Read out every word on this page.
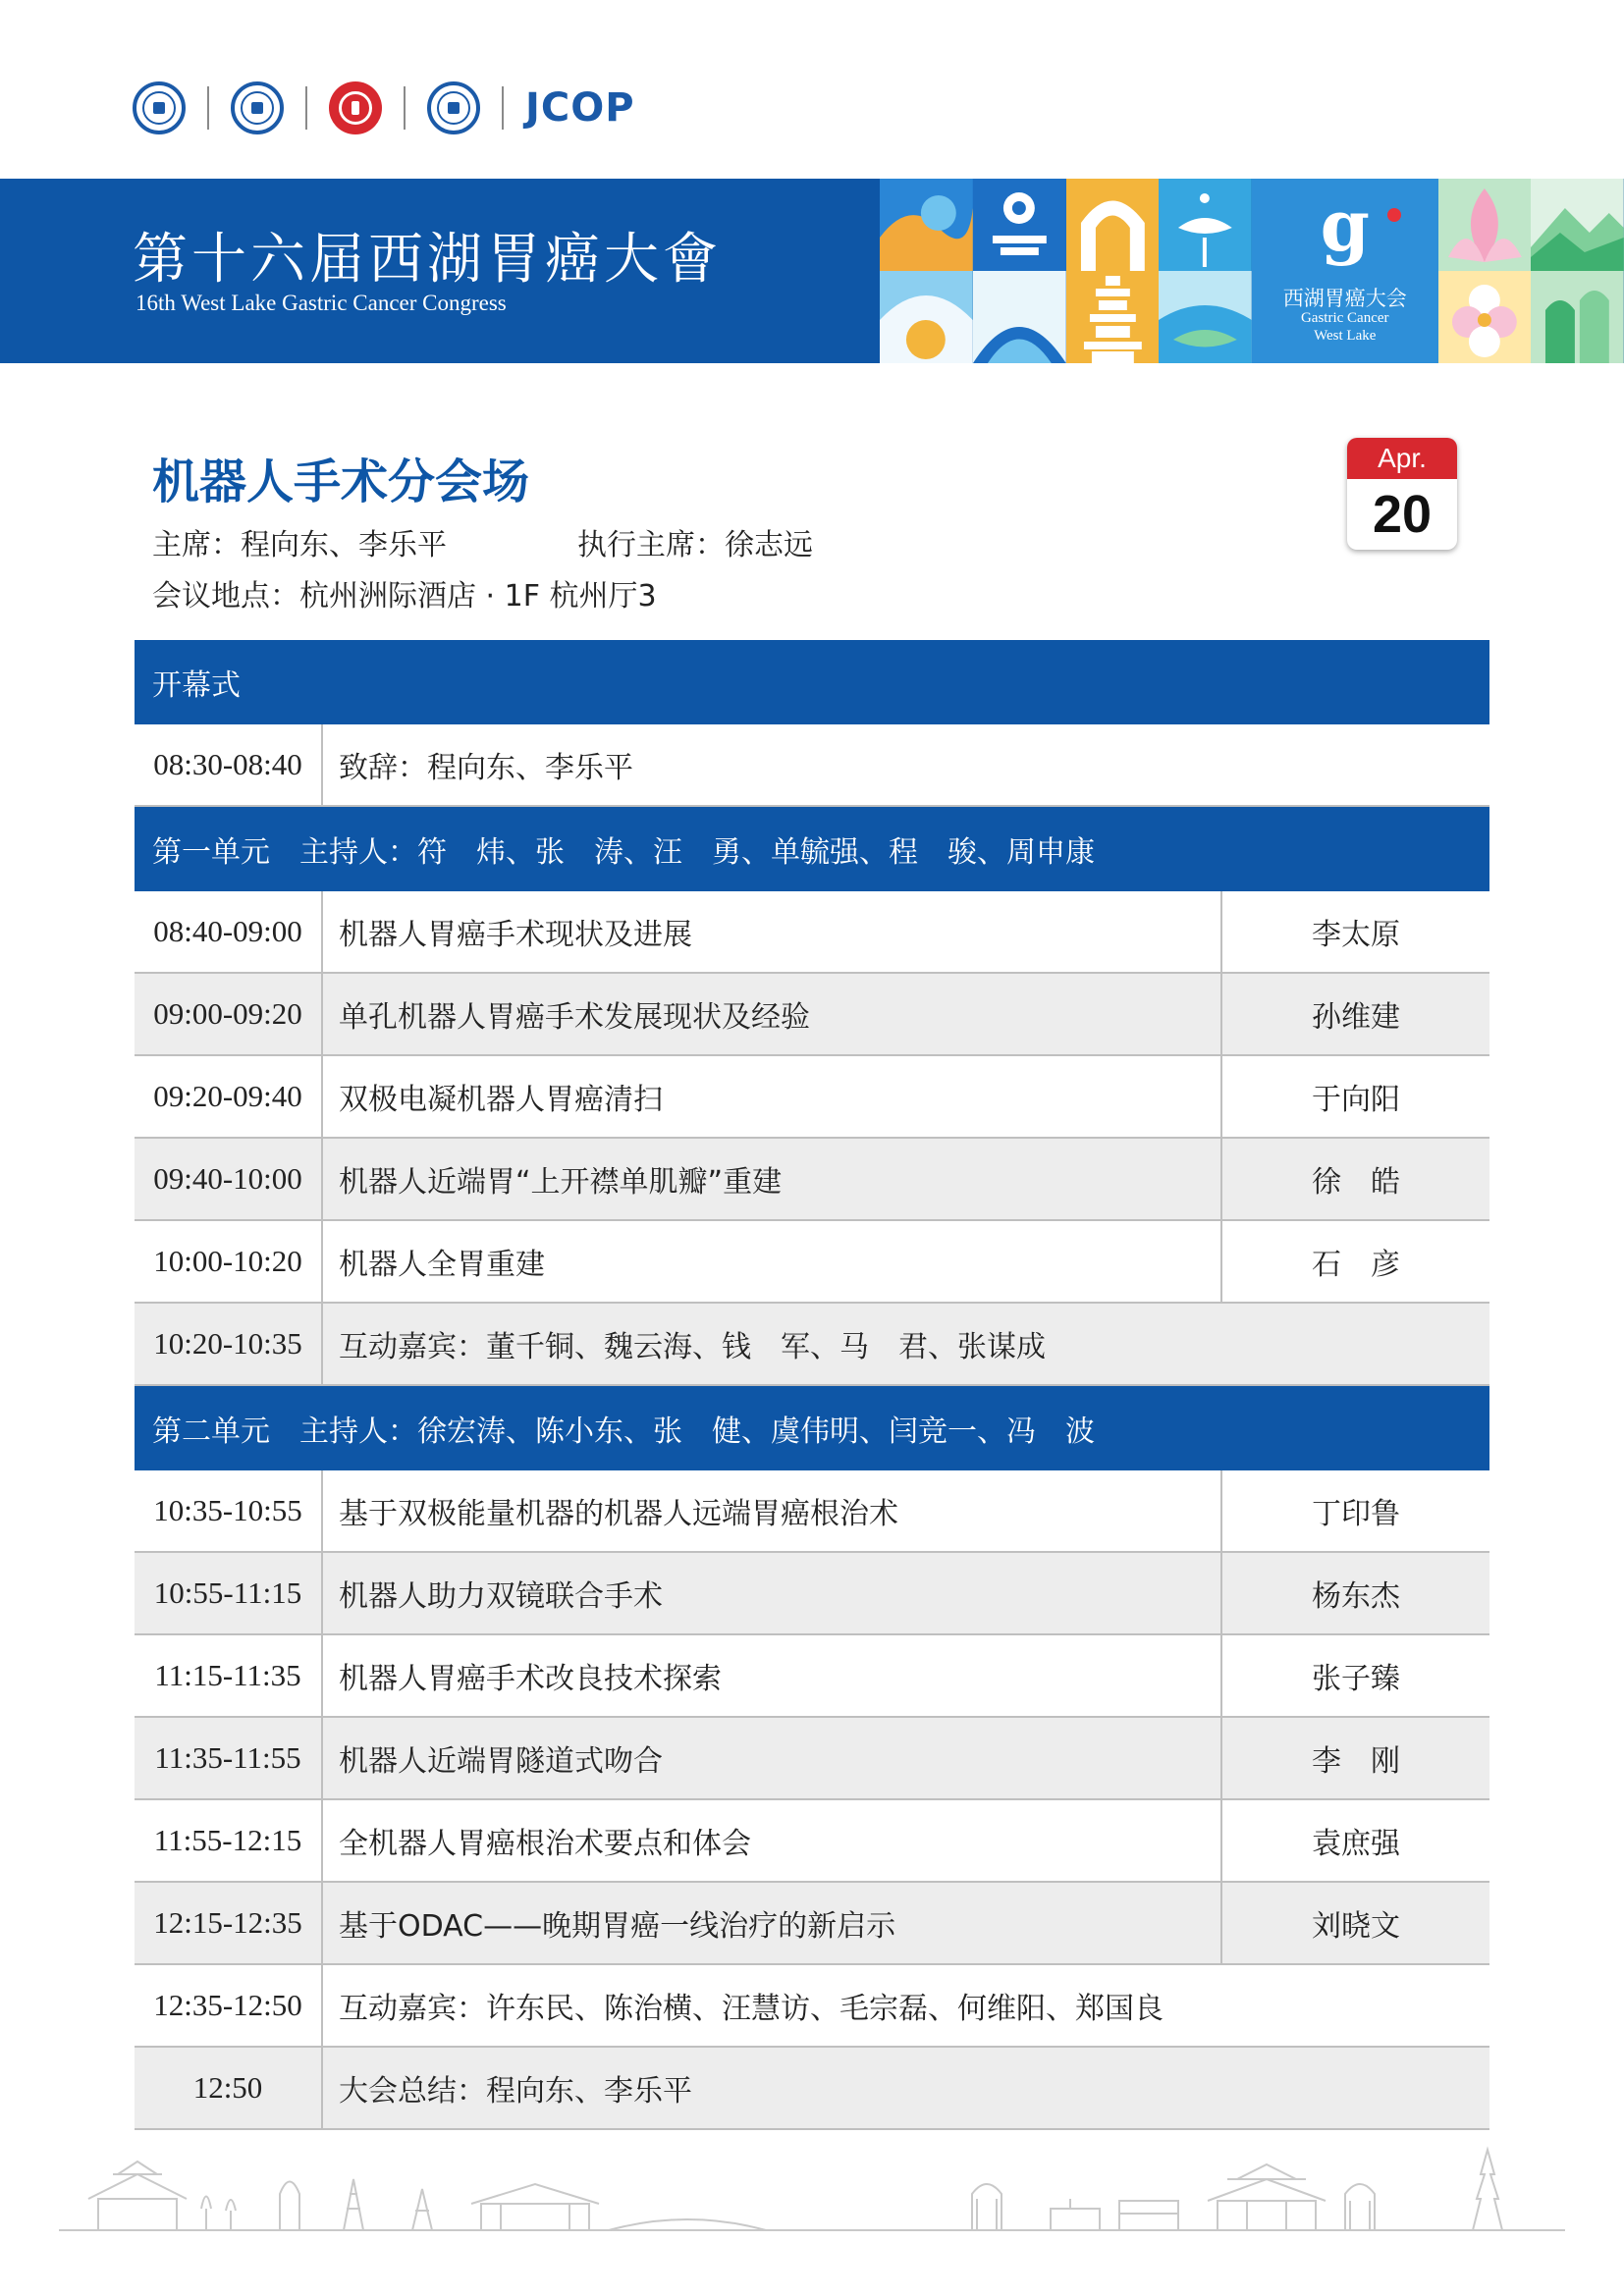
JCOP
第十六届西湖胃癌大會
16th West Lake Gastric Cancer Congress
g
西湖胃癌大会
Gastric Cancer
West Lake
机器人手术分会场
主席：程向东、李乐平	执行主席：徐志远
会议地点：杭州洲际酒店 · 1F 杭州厅3
Apr.
20
开幕式
08:30-08:40	致辞：程向东、李乐平
第一单元　主持人：符　炜、张　涛、汪　勇、单毓强、程　骏、周申康
08:40-09:00	机器人胃癌手术现状及进展	李太原
09:00-09:20	单孔机器人胃癌手术发展现状及经验	孙维建
09:20-09:40	双极电凝机器人胃癌清扫	于向阳
09:40-10:00	机器人近端胃“上开襟单肌瓣”重建	徐　皓
10:00-10:20	机器人全胃重建	石　彦
10:20-10:35	互动嘉宾：董千铜、魏云海、钱　军、马　君、张谋成
第二单元　主持人：徐宏涛、陈小东、张　健、虞伟明、闫竞一、冯　波
10:35-10:55	基于双极能量机器的机器人远端胃癌根治术	丁印鲁
10:55-11:15	机器人助力双镜联合手术	杨东杰
11:15-11:35	机器人胃癌手术改良技术探索	张子臻
11:35-11:55	机器人近端胃隧道式吻合	李　刚
11:55-12:15	全机器人胃癌根治术要点和体会	袁庶强
12:15-12:35	基于ODAC——晚期胃癌一线治疗的新启示	刘晓文
12:35-12:50	互动嘉宾：许东民、陈治横、汪慧访、毛宗磊、何维阳、郑国良
12:50	大会总结：程向东、李乐平
